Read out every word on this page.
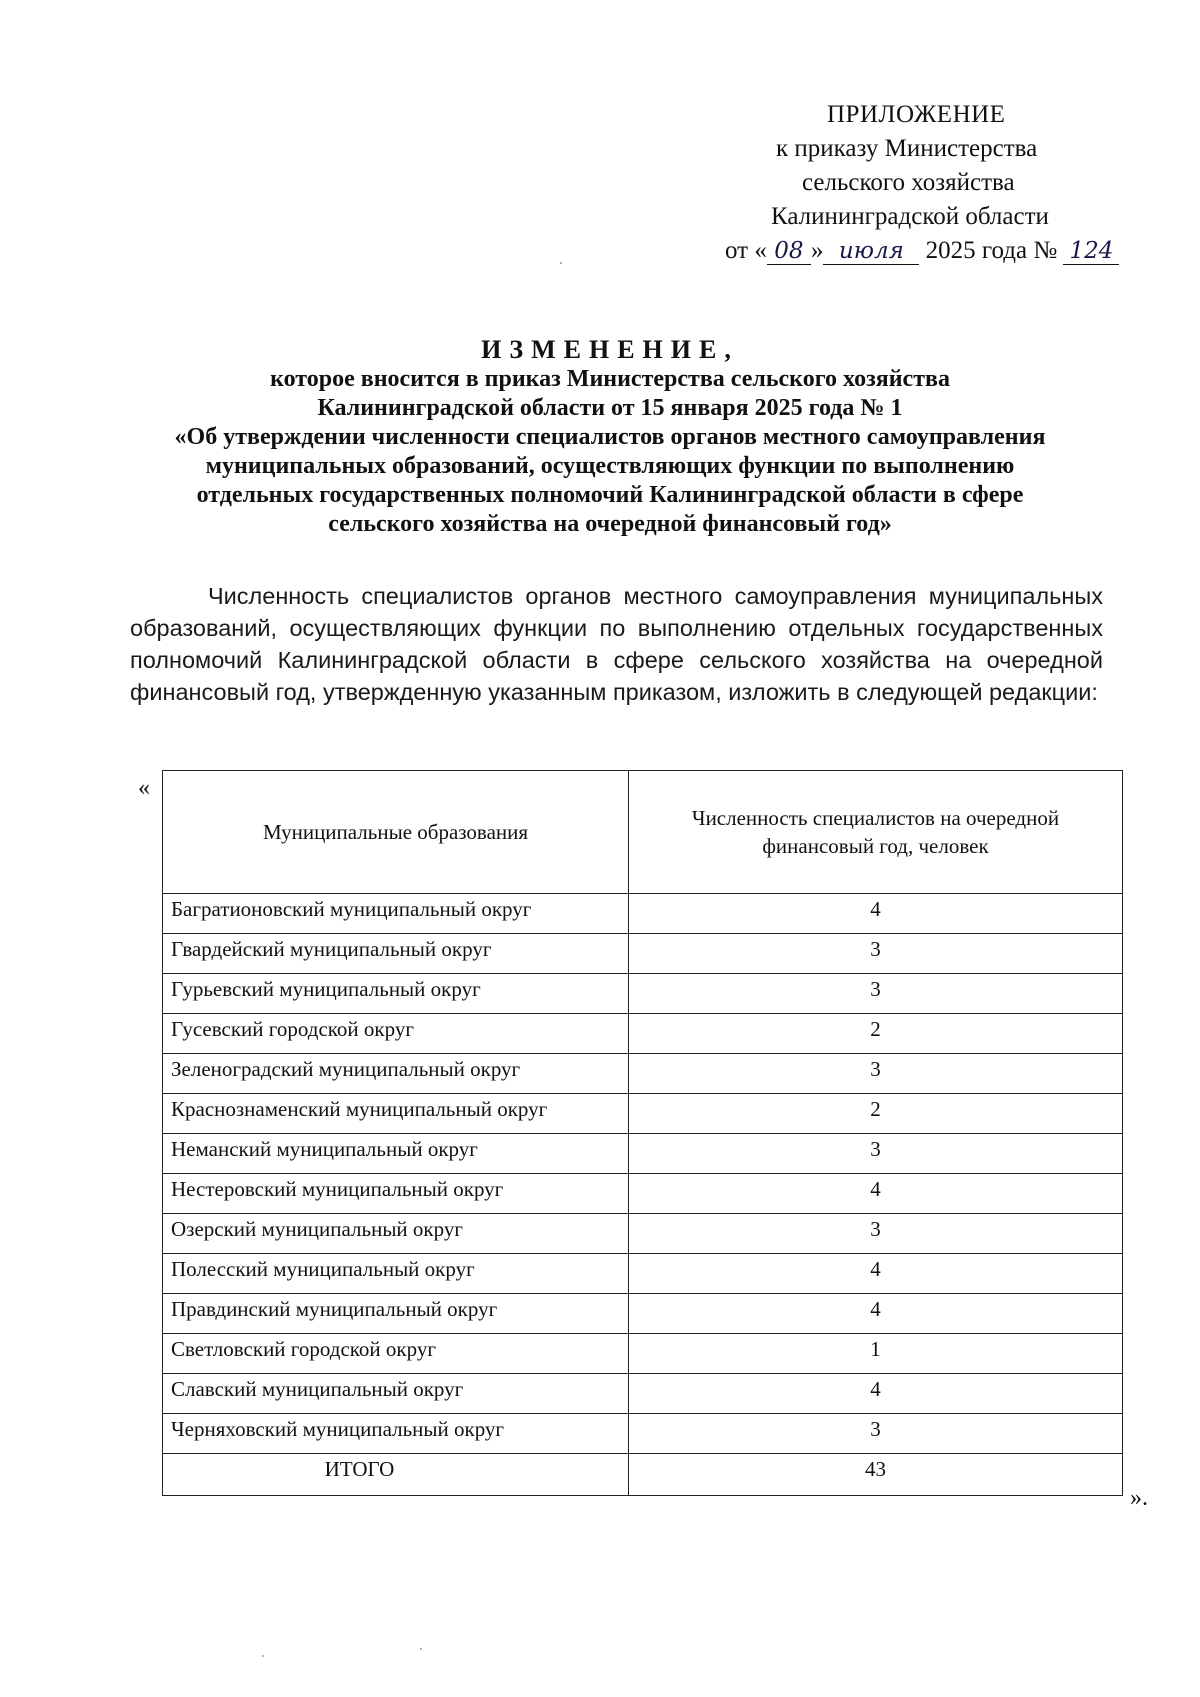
ПРИЛОЖЕНИЕ
к приказу Министерства
сельского хозяйства
Калининградской области
от « 08 » июля 2025 года № 124
ИЗМЕНЕНИЕ,
которое вносится в приказ Министерства сельского хозяйства
Калининградской области от 15 января 2025 года № 1
«Об утверждении численности специалистов органов местного самоуправления
муниципальных образований, осуществляющих функции по выполнению
отдельных государственных полномочий Калининградской области в сфере
сельского хозяйства на очередной финансовый год»
Численность специалистов органов местного самоуправления муниципальных образований, осуществляющих функции по выполнению отдельных государственных полномочий Калининградской области в сфере сельского хозяйства на очередной финансовый год, утвержденную указанным приказом, изложить в следующей редакции:
«
Муниципальные образования	Численность специалистов на очередной финансовый год, человек
Багратионовский муниципальный округ	4
Гвардейский муниципальный округ	3
Гурьевский муниципальный округ	3
Гусевский городской округ	2
Зеленоградский муниципальный округ	3
Краснознаменский муниципальный округ	2
Неманский муниципальный округ	3
Нестеровский муниципальный округ	4
Озерский муниципальный округ	3
Полесский муниципальный округ	4
Правдинский муниципальный округ	4
Светловский городской округ	1
Славский муниципальный округ	4
Черняховский муниципальный округ	3
ИТОГО	43
».
